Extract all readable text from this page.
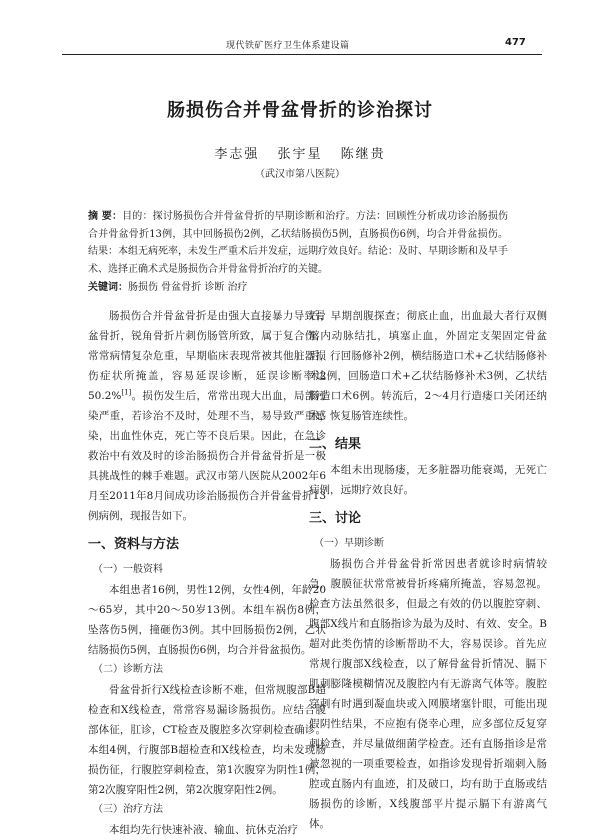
现代铁矿医疗卫生体系建设篇	477
肠损伤合并骨盆骨折的诊治探讨
李志强 张宇星 陈继贵
（武汉市第八医院）
摘 要：目的：探讨肠损伤合并骨盆骨折的早期诊断和治疗。方法：回顾性分析成功诊治肠损伤合并骨盆骨折13例，其中回肠损伤2例，乙状结肠损伤5例，直肠损伤6例，均合并骨盆损伤。结果：本组无病死率，未发生严重术后并发症，远期疗效良好。结论：及时、早期诊断和及早手术、选择正确术式是肠损伤合并骨盆骨折治疗的关键。
关键词：肠损伤 骨盆骨折 诊断 治疗

肠损伤合并骨盆骨折是由强大直接暴力导致骨盆骨折，锐角骨折片刺伤肠管所致，属于复合伤，常常病情复杂危重，早期临床表现常被其他脏器损伤症状所掩盖，容易延误诊断，延误诊断率达50.2%[1]。损伤发生后，常常出现大出血，局部污染严重，若诊治不及时，处理不当，易导致严重感染，出血性休克，死亡等不良后果。因此，在急诊救治中有效及时的诊治肠损伤合并骨盆骨折是一极具挑战性的棘手难题。武汉市第八医院从2002年6月至2011年8月间成功诊治肠损伤合并骨盆骨折13例病例，现报告如下。

一、资料与方法
（一）一般资料

本组患者16例，男性12例，女性4例，年龄20～65岁，其中20～50岁13例。本组车祸伤8例，坠落伤5例，撞砸伤3例。其中回肠损伤2例，乙状结肠损伤5例，直肠损伤6例，均合并骨盆损伤。

（二）诊断方法

骨盆骨折行X线检查诊断不难，但常规腹部B超检查和X线检查，常常容易漏诊肠损伤。应结合腹部体征，肛诊，CT检查及腹腔多次穿刺检查确诊。本组4例，行腹部B超检查和X线检查，均未发现肠损伤征，行腹腔穿刺检查，第1次腹穿为阴性1例，第2次腹穿阳性2例，第2次腹穿阳性2例。

（三）治疗方法

本组均先行快速补液、输血、抗休克治疗

后，早期剖腹探查；彻底止血，出血最大者行双侧髂内动脉结扎，填塞止血，外固定支架固定骨盆后，行回肠修补2例，横结肠造口术+乙状结肠修补术2例，回肠造口术+乙状结肠修补术3例，乙状结肠造口术6例。转流后，2～4月行造瘘口关闭还纳术，恢复肠管连续性。

二、结果

本组未出现肠瘘，无多脏器功能衰竭，无死亡病例，远期疗效良好。

三、讨论
（一）早期诊断

肠损伤合并骨盆骨折常因患者就诊时病情较急，腹膜征状常常被骨折疼痛所掩盖，容易忽视。检查方法虽然很多，但最之有效的仍以腹腔穿刺、腹部X线片和直肠指诊为最为及时、有效、安全。B超对此类伤情的诊断帮助不大，容易误诊。首先应常规行腹部X线检查，以了解骨盆骨折情况、膈下肌刺膨隆模糊情况及腹腔内有无游离气体等。腹腔穿刺有时遇到凝血块或入网膜堵塞针眼，可能出现假阴性结果，不应抱有侥幸心理，应多部位反复穿刺检查，并尽量做细菌学检查。还有直肠指诊是常被忽视的一项重要检查，如指诊发现骨折端刺入肠腔或直肠内有血迹，扪及破口，均有助于直肠或结肠损伤的诊断，X线腹部平片提示膈下有游离气体。
